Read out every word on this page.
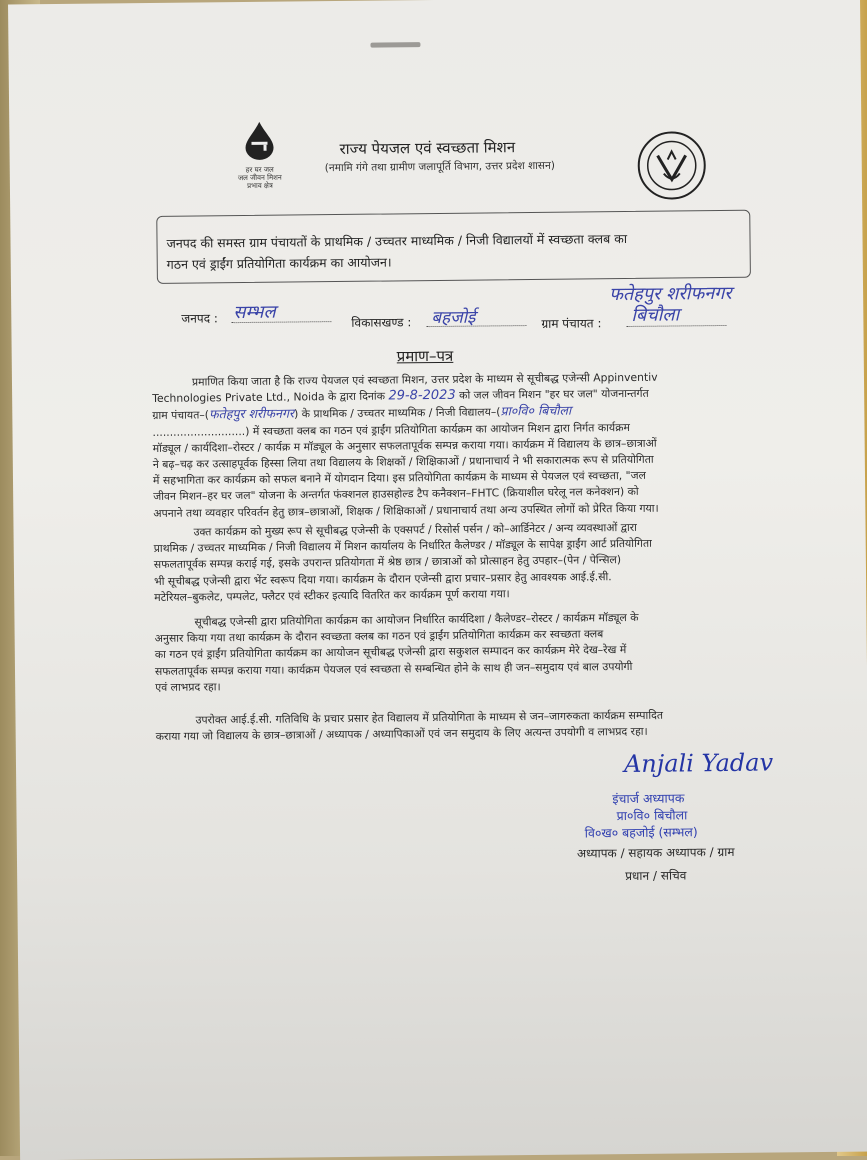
हर घर जल
जल जीवन मिशन
प्रभाव क्षेत्र
राज्य पेयजल एवं स्वच्छता मिशन
(नमामि गंगे तथा ग्रामीण जलापूर्ति विभाग, उत्तर प्रदेश शासन)
जनपद की समस्त ग्राम पंचायतों के प्राथमिक / उच्चतर माध्यमिक / निजी विद्यालयों में स्वच्छता क्लब का
गठन एवं ड्राईंग प्रतियोगिता कार्यक्रम का आयोजन।
जनपद : सम्भल	विकासखण्ड : बहजोई
फतेहपुर शरीफनगर
ग्राम पंचायत : बिचौला
प्रमाण–पत्र
प्रमाणित किया जाता है कि राज्य पेयजल एवं स्वच्छता मिशन, उत्तर प्रदेश के माध्यम से सूचीबद्ध एजेन्सी Appinventiv
Technologies Private Ltd., Noida के द्वारा दिनांक 29-8-2023 को जल जीवन मिशन "हर घर जल" योजनान्तर्गत
ग्राम पंचायत–(फतेहपुर शरीफनगर) के प्राथमिक / उच्चतर माध्यमिक / निजी विद्यालय–(प्रा०वि० बिचौला
...........................) में स्वच्छता क्लब का गठन एवं ड्राईंग प्रतियोगिता कार्यक्रम का आयोजन मिशन द्वारा निर्गत कार्यक्रम
मॉड्यूल / कार्यदिशा–रोस्टर / कार्यक्र म मॉड्यूल के अनुसार सफलतापूर्वक सम्पन्न कराया गया। कार्यक्रम में विद्यालय के छात्र–छात्राओं
ने बढ़–चढ़ कर उत्साहपूर्वक हिस्सा लिया तथा विद्यालय के शिक्षकों / शिक्षिकाओं / प्रधानाचार्य ने भी सकारात्मक रूप से प्रतियोगिता
में सहभागिता कर कार्यक्रम को सफल बनाने में योगदान दिया। इस प्रतियोगिता कार्यक्रम के माध्यम से पेयजल एवं स्वच्छता, "जल
जीवन मिशन–हर घर जल" योजना के अन्तर्गत फंक्शनल हाउसहोल्ड टैप कनैक्शन–FHTC (क्रियाशील घरेलू नल कनेक्शन) को
अपनाने तथा व्यवहार परिवर्तन हेतु छात्र–छात्राओं, शिक्षक / शिक्षिकाओं / प्रधानाचार्य तथा अन्य उपस्थित लोगों को प्रेरित किया गया।
उक्त कार्यक्रम को मुख्य रूप से सूचीबद्ध एजेन्सी के एक्सपर्ट / रिसोर्स पर्सन / को–आर्डिनेटर / अन्य व्यवस्थाओं द्वारा
प्राथमिक / उच्चतर माध्यमिक / निजी विद्यालय में मिशन कार्यालय के निर्धारित कैलेण्डर / मॉड्यूल के सापेक्ष ड्राईंग आर्ट प्रतियोगिता
सफलतापूर्वक सम्पन्न कराई गई, इसके उपरान्त प्रतियोगता में श्रेष्ठ छात्र / छात्राओं को प्रोत्साहन हेतु उपहार–(पेन / पेन्सिल)
भी सूचीबद्ध एजेन्सी द्वारा भेंट स्वरूप दिया गया। कार्यक्रम के दौरान एजेन्सी द्वारा प्रचार–प्रसार हेतु आवश्यक आई.ई.सी.
मटेरियल–बुकलेट, पम्पलेट, फ्लैटर एवं स्टीकर इत्यादि वितरित कर कार्यक्रम पूर्ण कराया गया।
सूचीबद्ध एजेन्सी द्वारा प्रतियोगिता कार्यक्रम का आयोजन निर्धारित कार्यदिशा / कैलेण्डर–रोस्टर / कार्यक्रम मॉड्यूल के
अनुसार किया गया तथा कार्यक्रम के दौरान स्वच्छता क्लब का गठन एवं ड्राईंग प्रतियोगिता कार्यक्रम कर स्वच्छता क्लब
का गठन एवं ड्राईंग प्रतियोगिता कार्यक्रम का आयोजन सूचीबद्ध एजेन्सी द्वारा सकुशल सम्पादन कर कार्यक्रम मेरे देख–रेख में
सफलतापूर्वक सम्पन्न कराया गया। कार्यक्रम पेयजल एवं स्वच्छता से सम्बन्धित होने के साथ ही जन–समुदाय एवं बाल उपयोगी
एवं लाभप्रद रहा।
उपरोक्त आई.ई.सी. गतिविधि के प्रचार प्रसार हेत विद्यालय में प्रतियोगिता के माध्यम से जन–जागरुकता कार्यक्रम सम्पादित
कराया गया जो विद्यालय के छात्र–छात्राओं / अध्यापक / अध्यापिकाओं एवं जन समुदाय के लिए अत्यन्त उपयोगी व लाभप्रद रहा।
Anjali Yadav
इंचार्ज अध्यापक
प्रा०वि० बिचौला
वि०ख० बहजोई (सम्भल)
अध्यापक / सहायक अध्यापक / ग्राम
प्रधान / सचिव
